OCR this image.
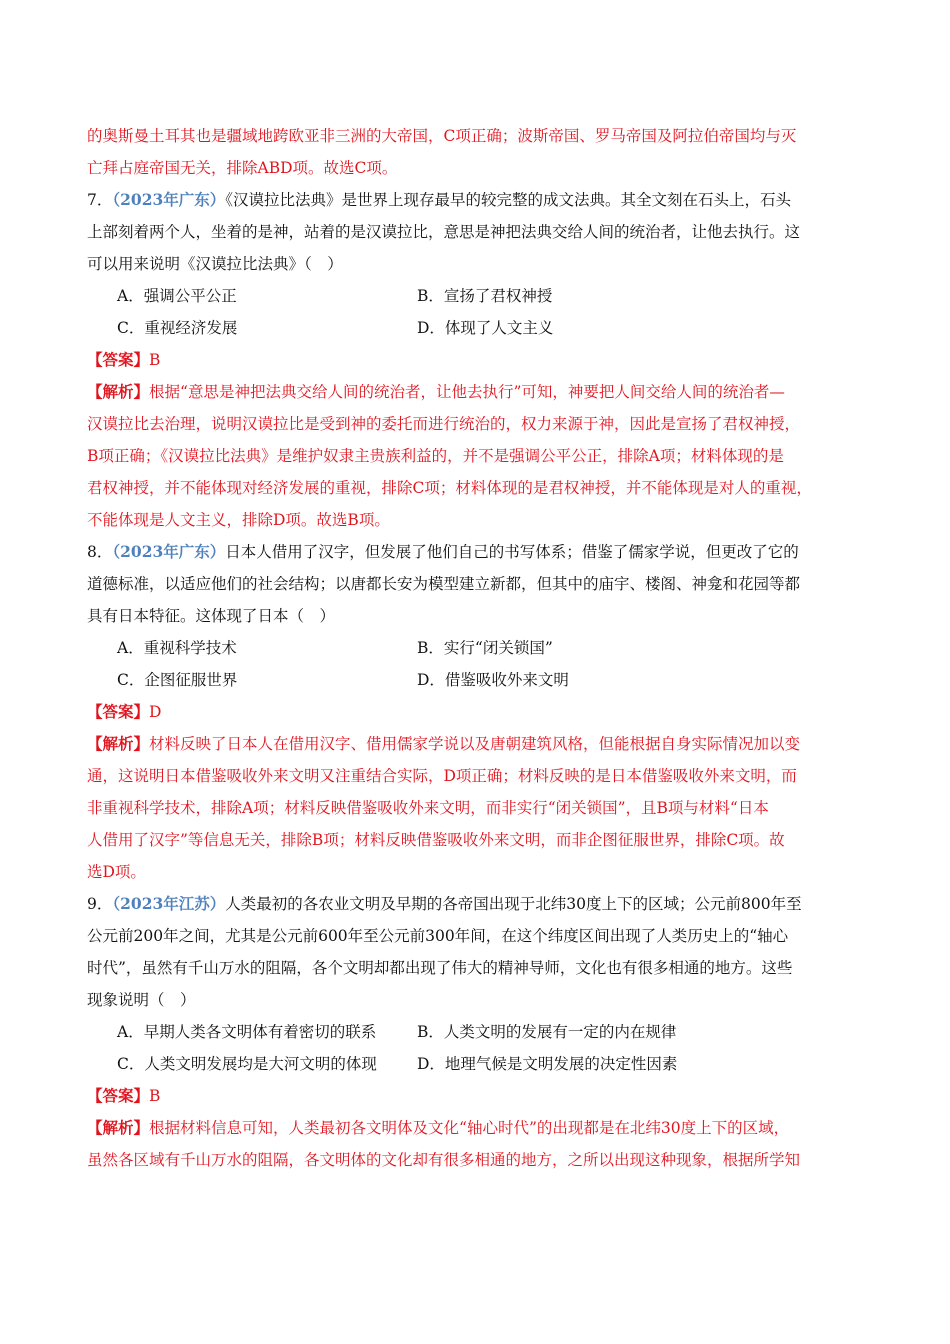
的奥斯曼土耳其也是疆域地跨欧亚非三洲的大帝国，C项正确；波斯帝国、罗马帝国及阿拉伯帝国均与灭
亡拜占庭帝国无关，排除ABD项。故选C项。
7．（2023年广东）《汉谟拉比法典》是世界上现存最早的较完整的成文法典。其全文刻在石头上，石头
上部刻着两个人，坐着的是神，站着的是汉谟拉比，意思是神把法典交给人间的统治者，让他去执行。这
可以用来说明《汉谟拉比法典》（　）
A．强调公平公正	B．宣扬了君权神授
C．重视经济发展	D．体现了人文主义
【答案】B
【解析】根据“意思是神把法典交给人间的统治者，让他去执行”可知，神要把人间交给人间的统治者—
汉谟拉比去治理，说明汉谟拉比是受到神的委托而进行统治的，权力来源于神，因此是宣扬了君权神授，
B项正确；《汉谟拉比法典》是维护奴隶主贵族利益的，并不是强调公平公正，排除A项；材料体现的是
君权神授，并不能体现对经济发展的重视，排除C项；材料体现的是君权神授，并不能体现是对人的重视，
不能体现是人文主义，排除D项。故选B项。
8．（2023年广东）日本人借用了汉字，但发展了他们自己的书写体系；借鉴了儒家学说，但更改了它的
道德标准，以适应他们的社会结构；以唐都长安为模型建立新都，但其中的庙宇、楼阁、神龛和花园等都
具有日本特征。这体现了日本（　）
A．重视科学技术	B．实行“闭关锁国”
C．企图征服世界	D．借鉴吸收外来文明
【答案】D
【解析】材料反映了日本人在借用汉字、借用儒家学说以及唐朝建筑风格，但能根据自身实际情况加以变
通，这说明日本借鉴吸收外来文明又注重结合实际，D项正确；材料反映的是日本借鉴吸收外来文明，而
非重视科学技术，排除A项；材料反映借鉴吸收外来文明，而非实行“闭关锁国”，且B项与材料“日本
人借用了汉字”等信息无关，排除B项；材料反映借鉴吸收外来文明，而非企图征服世界，排除C项。故
选D项。
9．（2023年江苏）人类最初的各农业文明及早期的各帝国出现于北纬30度上下的区域；公元前800年至
公元前200年之间，尤其是公元前600年至公元前300年间，在这个纬度区间出现了人类历史上的“轴心
时代”，虽然有千山万水的阻隔，各个文明却都出现了伟大的精神导师，文化也有很多相通的地方。这些
现象说明（　）
A．早期人类各文明体有着密切的联系	B．人类文明的发展有一定的内在规律
C．人类文明发展均是大河文明的体现	D．地理气候是文明发展的决定性因素
【答案】B
【解析】根据材料信息可知，人类最初各文明体及文化“轴心时代”的出现都是在北纬30度上下的区域，
虽然各区域有千山万水的阻隔，各文明体的文化却有很多相通的地方，之所以出现这种现象，根据所学知
